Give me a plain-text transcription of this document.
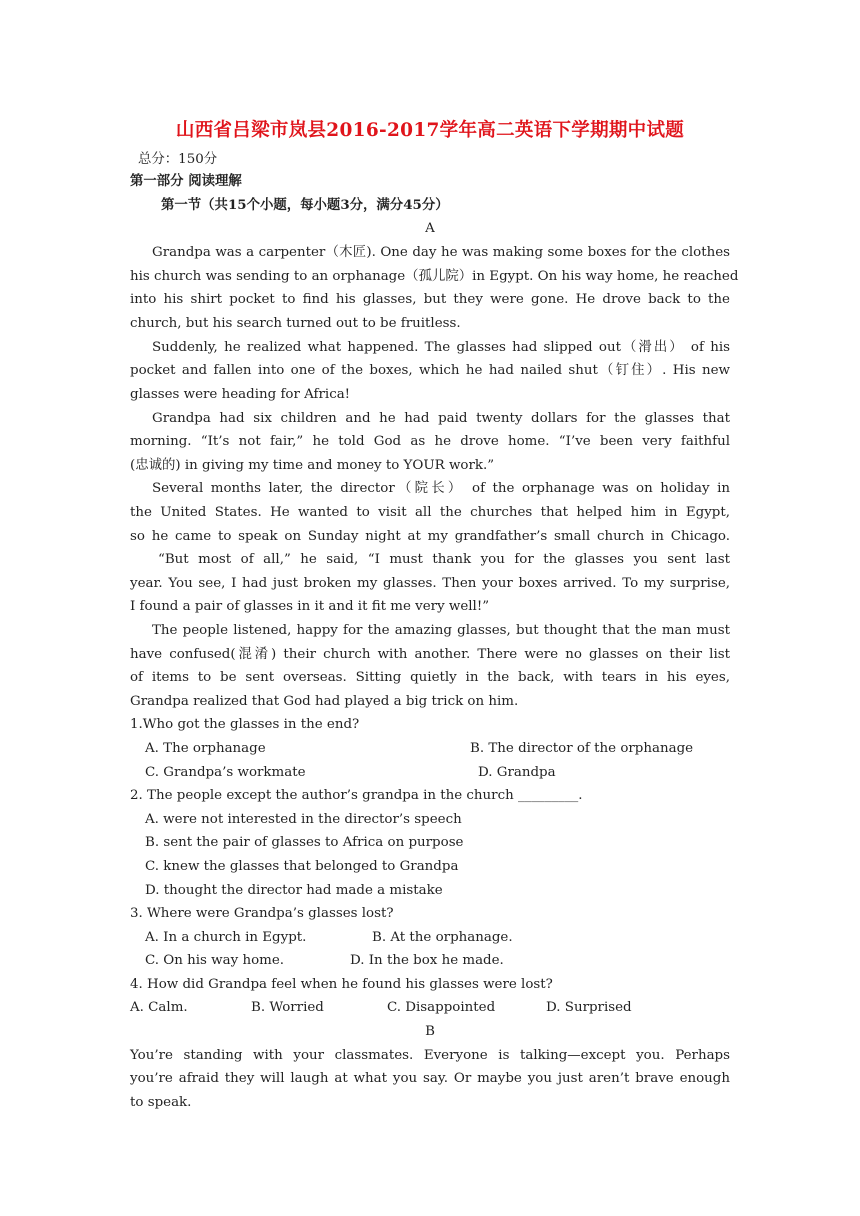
山西省吕梁市岚县2016-2017学年高二英语下学期期中试题
总分：150分
第一部分 阅读理解
第一节（共15个小题，每小题3分，满分45分）
A
Grandpa was a carpenter（木匠). One day he was making some boxes for the clothes
his church was sending to an orphanage（孤儿院）in Egypt. On his way home, he reached
into his shirt pocket to find his glasses, but they were gone. He drove back to the
church, but his search turned out to be fruitless.
Suddenly, he realized what happened. The glasses had slipped out（滑出） of his
pocket and fallen into one of the boxes, which he had nailed shut（钉住）. His new
glasses were heading for Africa!
Grandpa had six children and he had paid twenty dollars for the glasses that
morning. “It’s not fair,” he told God as he drove home. “I’ve been very faithful
(忠诚的) in giving my time and money to YOUR work.”
Several months later, the director（院长） of the orphanage was on holiday in
the United States. He wanted to visit all the churches that helped him in Egypt,
so he came to speak on Sunday night at my grandfather’s small church in Chicago.
“But most of all,” he said, “I must thank you for the glasses you sent last
year. You see, I had just broken my glasses. Then your boxes arrived. To my surprise,
I found a pair of glasses in it and it fit me very well!”
The people listened, happy for the amazing glasses, but thought that the man must
have confused(混淆) their church with another. There were no glasses on their list
of items to be sent overseas. Sitting quietly in the back, with tears in his eyes,
Grandpa realized that God had played a big trick on him.
1.Who got the glasses in the end?
A. The orphanage	B. The director of the orphanage
C. Grandpa’s workmate	D. Grandpa
2. The people except the author’s grandpa in the church _________.
A. were not interested in the director’s speech
B. sent the pair of glasses to Africa on purpose
C. knew the glasses that belonged to Grandpa
D. thought the director had made a mistake
3. Where were Grandpa’s glasses lost?
A. In a church in Egypt.	B. At the orphanage.
C. On his way home.	D. In the box he made.
4. How did Grandpa feel when he found his glasses were lost?
A. Calm.	B. Worried	C. Disappointed	D. Surprised
B
You’re standing with your classmates. Everyone is talking—except you. Perhaps
you’re afraid they will laugh at what you say. Or maybe you just aren’t brave enough
to speak.
